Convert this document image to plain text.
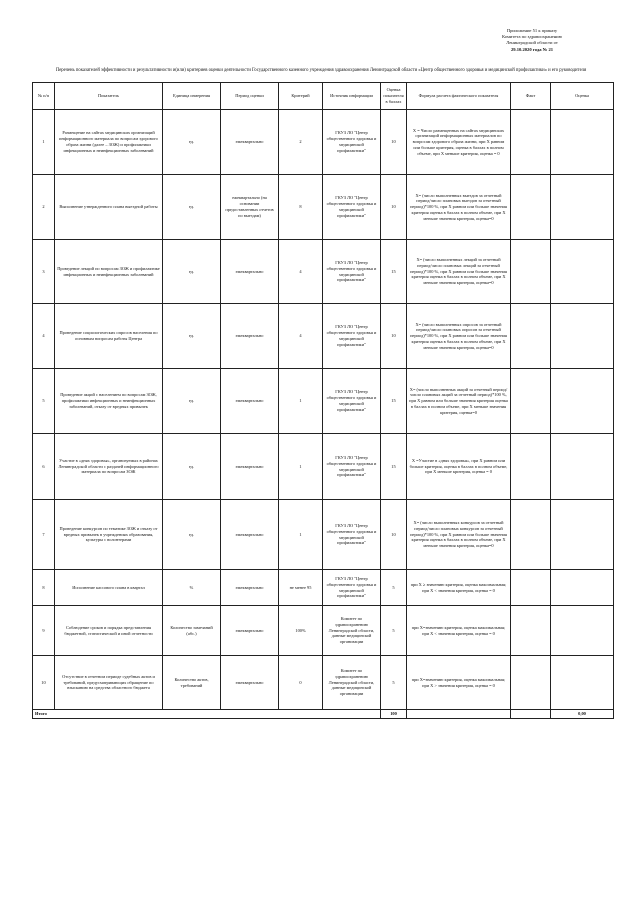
Приложение 51 к приказу
Комитета по здравоохранению
Ленинградской области от
29.10.2020 года № 21
Перечень показателей эффективности и результативности и(или) критериев оценки деятельности Государственного казенного учреждения здравоохранения Ленинградской области «Центр общественного здоровья и медицинской профилактики» и его руководителя
№ п/п	Показатель	Единица измерения	Период оценки	Критерий	Источник информации	Оценка показателя в баллах	Формула расчета фактического показателя	Факт	Оценка
1	Размещение на сайтах медицинских организаций информационного материала по вопросам здорового образа жизни (далее – ЗОЖ) и профилактики инфекционных и неинфекционных заболеваний	ед.	ежеквартально	2	ГКУЗ ЛО "Центр общественного здоровья и медицинской профилактики"	10	Х = Число размещенных на сайтах медицинских организаций информационных материалов по вопросам здорового образа жизни, при Х равном или больше критерия, оценка в баллах в полном объеме, при Х меньше критерия, оценка = 0		
2	Выполнение утвержденного плана выездной работы	ед.	ежеквартально (на основании предоставленных отчетов по выездам)	8	ГКУЗ ЛО "Центр общественного здоровья и медицинской профилактики"	10	Х= (число выполненных выездов за отчетный период/число плановых выездов за отчетный период)*100 %, при Х равном или больше значения критерия оценка в баллах в полном объеме, при Х меньше значения критерия, оценка=0		
3	Проведение лекций по вопросам ЗОЖ и профилактике инфекционных и неинфекционных заболеваний	ед.	ежеквартально	4	ГКУЗ ЛО "Центр общественного здоровья и медицинской профилактики"	15	Х= (число выполненных лекций за отчетный период/число плановых лекций за отчетный период)*100 %, при Х равном или больше значения критерия оценка в баллах в полном объеме, при Х меньше значения критерия, оценка=0		
4	Проведение социологических опросов населения по основным вопросам работы Центра	ед.	ежеквартально	4	ГКУЗ ЛО "Центр общественного здоровья и медицинской профилактики"	10	Х= (число выполненных опросов за отчетный период/число плановых опросов за отчетный период)*100 %, при Х равном или больше значения критерия оценка в баллах в полном объеме, при Х меньше значения критерия, оценка=0		
5	Проведение акций с населением по вопросам ЗОЖ, профилактики инфекционных и неинфекционных заболеваний, отказу от вредных привычек	ед.	ежеквартально	1	ГКУЗ ЛО "Центр общественного здоровья и медицинской профилактики"	15	Х= (число выполненных акций за отчетный период/число плановых акций за отчетный период)*100 %, при Х равном или больше значения критерия оценка в баллах в полном объеме, при Х меньше значения критерия, оценка=0		
6	Участие в «днях здоровья», организуемых в районах Ленинградской области с раздачей информационного материала по вопросам ЗОЖ	ед.	ежеквартально	1	ГКУЗ ЛО "Центр общественного здоровья и медицинской профилактики"	15	Х =Участие в «днях здоровья», при Х равном или больше критерия, оценка в баллах в полном объеме, при Х меньше критерия, оценка = 0		
7	Проведение конкурсов по тематике ЗОЖ и отказу от вредных привычек в учреждениях образования, культуры с волонтерами	ед.	ежеквартально	1	ГКУЗ ЛО "Центр общественного здоровья и медицинской профилактики"	10	Х= (число выполненных конкурсов за отчетный период/число плановых конкурсов за отчетный период)*100 %, при Х равном или больше значения критерия оценка в баллах в полном объеме, при Х меньше значения критерия, оценка=0		
8	Исполнение кассового плана в квартал	%	ежеквартально	не менее 95	ГКУЗ ЛО "Центр общественного здоровья и медицинской профилактики"	5	при Х ≥ значению критерия, оценка максимальная; при Х < значения критерия, оценка = 0		
9	Соблюдение сроков и порядка представления бюджетной, статистической и иной отчетности	Количество замечаний (абс.)	ежеквартально	100%	Комитет по здравоохранению Ленинградской области, данные медицинской организации	5	при Х=значению критерия, оценка максимальная; при Х < значения критерия, оценка = 0		
10	Отсутствие в отчетном периоде судебных актов и требований, предусматривающих обращение по взысканию на средства областного бюджета	Количество актов, требований	ежеквартально	0	Комитет по здравоохранению Ленинградской области, данные медицинской организации	5	при Х=значению критерия, оценка максимальная; при Х > значения критерия, оценка = 0		
Итого						100			0,00
